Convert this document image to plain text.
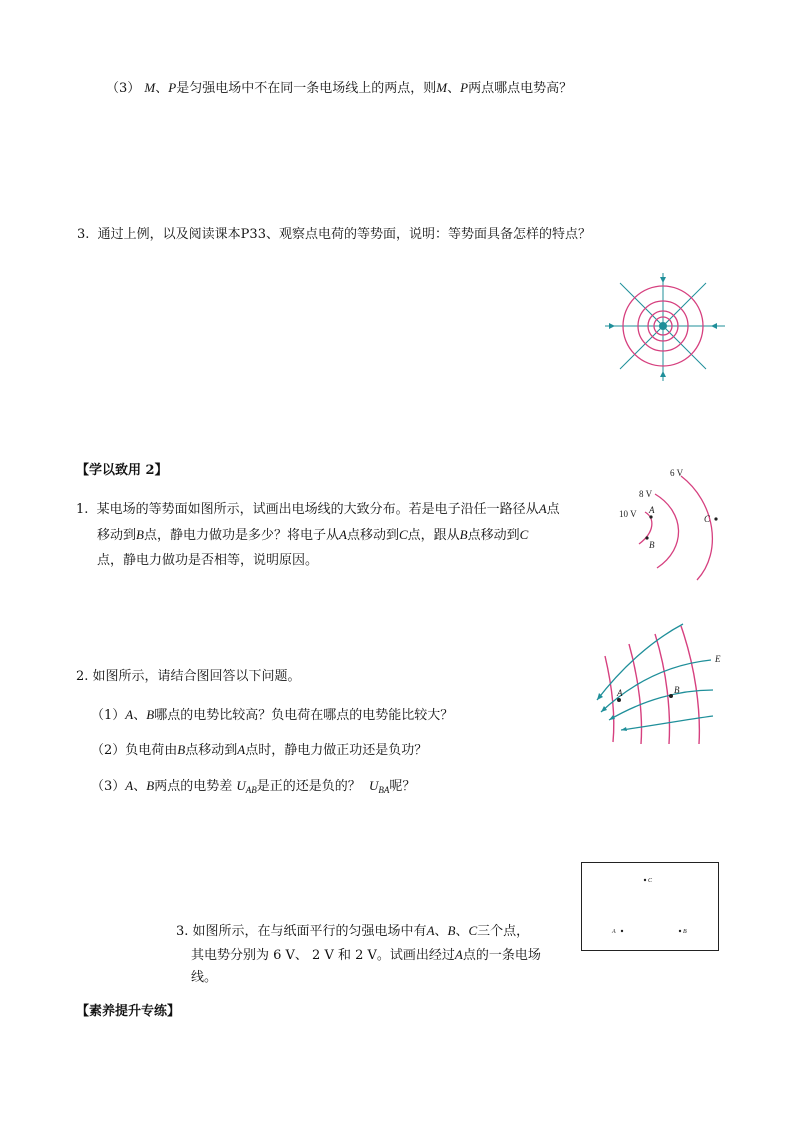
（3） M、P是匀强电场中不在同一条电场线上的两点，则M、P两点哪点电势高？
3. 通过上例，以及阅读课本P33、观察点电荷的等势面，说明：等势面具备怎样的特点？
【学以致用 2】
1. 某电场的等势面如图所示，试画出电场线的大致分布。若是电子沿任一路径从A点
移动到B点，静电力做功是多少？将电子从A点移动到C点，跟从B点移动到C
点，静电力做功是否相等，说明原因。
6 V
8 V
10 V A
B
C
2. 如图所示，请结合图回答以下问题。
（1）A、B哪点的电势比较高？负电荷在哪点的电势能比较大？
（2）负电荷由B点移动到A点时，静电力做正功还是负功？
（3）A、B两点的电势差 $U_{AB}$是正的还是负的？ $U_{BA}$呢？
E
A	B
3. 如图所示，在与纸面平行的匀强电场中有A、B、C三个点，
其电势分别为 6 V、 2 V 和 2 V。试画出经过A点的一条电场
线。
C
A	B
【素养提升专练】
